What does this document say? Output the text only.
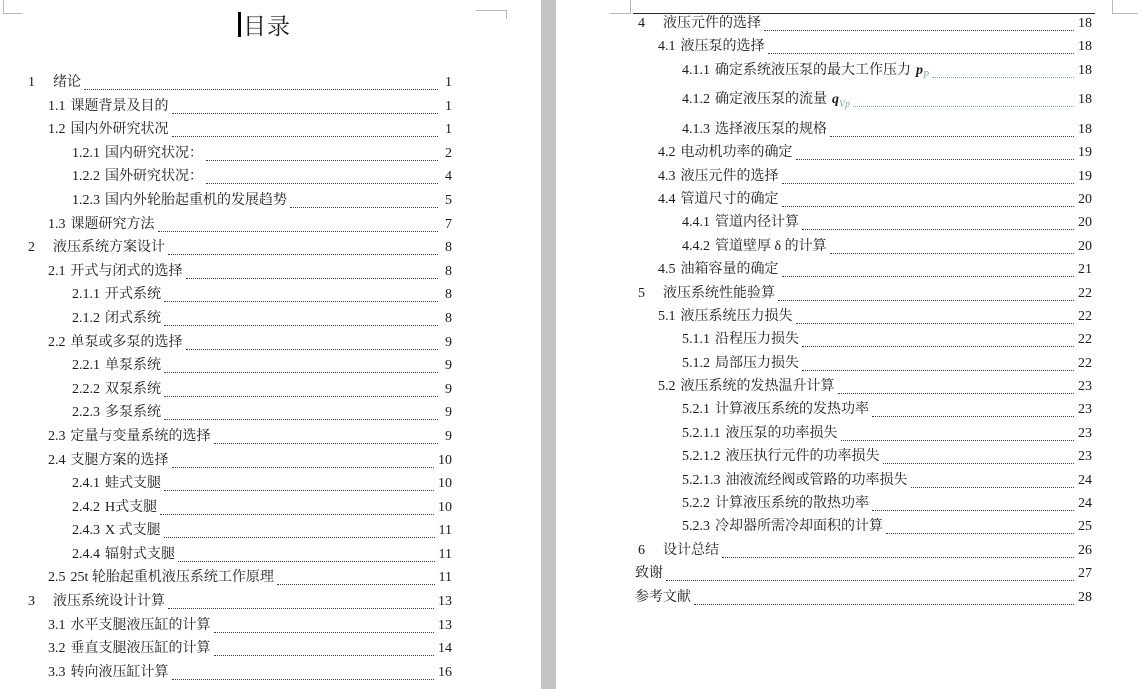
目录
1	绪论	1
1.1 课题背景及目的	1
1.2 国内外研究状况	1
1.2.1 国内研究状况：	2
1.2.2 国外研究状况：	4
1.2.3 国内外轮胎起重机的发展趋势	5
1.3 课题研究方法	7
2	液压系统方案设计	8
2.1 开式与闭式的选择	8
2.1.1 开式系统	8
2.1.2 闭式系统	8
2.2 单泵或多泵的选择	9
2.2.1 单泵系统	9
2.2.2 双泵系统	9
2.2.3 多泵系统	9
2.3 定量与变量系统的选择	9
2.4 支腿方案的选择	10
2.4.1 蛙式支腿	10
2.4.2 H式支腿	10
2.4.3 X 式支腿	11
2.4.4 辐射式支腿	11
2.5 25t 轮胎起重机液压系统工作原理	11
3	液压系统设计计算	13
3.1 水平支腿液压缸的计算	13
3.2 垂直支腿液压缸的计算	14
3.3 转向液压缸计算	16
4	液压元件的选择	18
4.1 液压泵的选择	18
4.1.1 确定系统液压泵的最大工作压力 $p_P$	18
4.1.2 确定液压泵的流量 $q_{Vp}$	18
4.1.3 选择液压泵的规格	18
4.2 电动机功率的确定	19
4.3 液压元件的选择	19
4.4 管道尺寸的确定	20
4.4.1 管道内径计算	20
4.4.2 管道壁厚 δ 的计算	20
4.5 油箱容量的确定	21
5	液压系统性能验算	22
5.1 液压系统压力损失	22
5.1.1 沿程压力损失	22
5.1.2 局部压力损失	22
5.2 液压系统的发热温升计算	23
5.2.1 计算液压系统的发热功率	23
5.2.1.1 液压泵的功率损失	23
5.2.1.2 液压执行元件的功率损失	23
5.2.1.3 油液流经阀或管路的功率损失	24
5.2.2 计算液压系统的散热功率	24
5.2.3 冷却器所需冷却面积的计算	25
6	设计总结	26
致谢	27
参考文献	28
